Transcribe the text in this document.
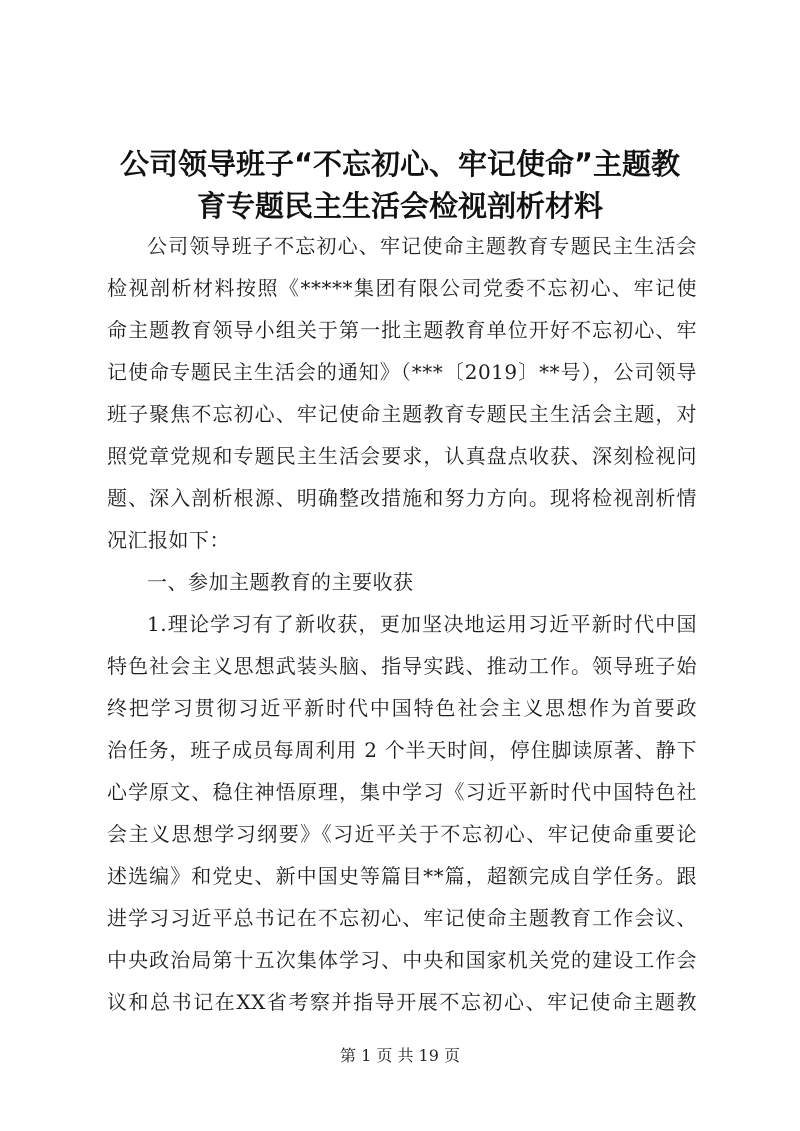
公司领导班子“不忘初心、牢记使命”主题教
育专题民主生活会检视剖析材料
公司领导班子不忘初心、牢记使命主题教育专题民主生活会
检视剖析材料按照《*****集团有限公司党委不忘初心、牢记使
命主题教育领导小组关于第一批主题教育单位开好不忘初心、牢
记使命专题民主生活会的通知》（***〔2019〕**号），公司领导
班子聚焦不忘初心、牢记使命主题教育专题民主生活会主题，对
照党章党规和专题民主生活会要求，认真盘点收获、深刻检视问
题、深入剖析根源、明确整改措施和努力方向。现将检视剖析情
况汇报如下：
一、参加主题教育的主要收获
1.理论学习有了新收获，更加坚决地运用习近平新时代中国
特色社会主义思想武装头脑、指导实践、推动工作。领导班子始
终把学习贯彻习近平新时代中国特色社会主义思想作为首要政
治任务，班子成员每周利用 2 个半天时间，停住脚读原著、静下
心学原文、稳住神悟原理，集中学习《习近平新时代中国特色社
会主义思想学习纲要》《习近平关于不忘初心、牢记使命重要论
述选编》和党史、新中国史等篇目**篇，超额完成自学任务。跟
进学习习近平总书记在不忘初心、牢记使命主题教育工作会议、
中央政治局第十五次集体学习、中央和国家机关党的建设工作会
议和总书记在XX省考察并指导开展不忘初心、牢记使命主题教
第 1 页 共 19 页
